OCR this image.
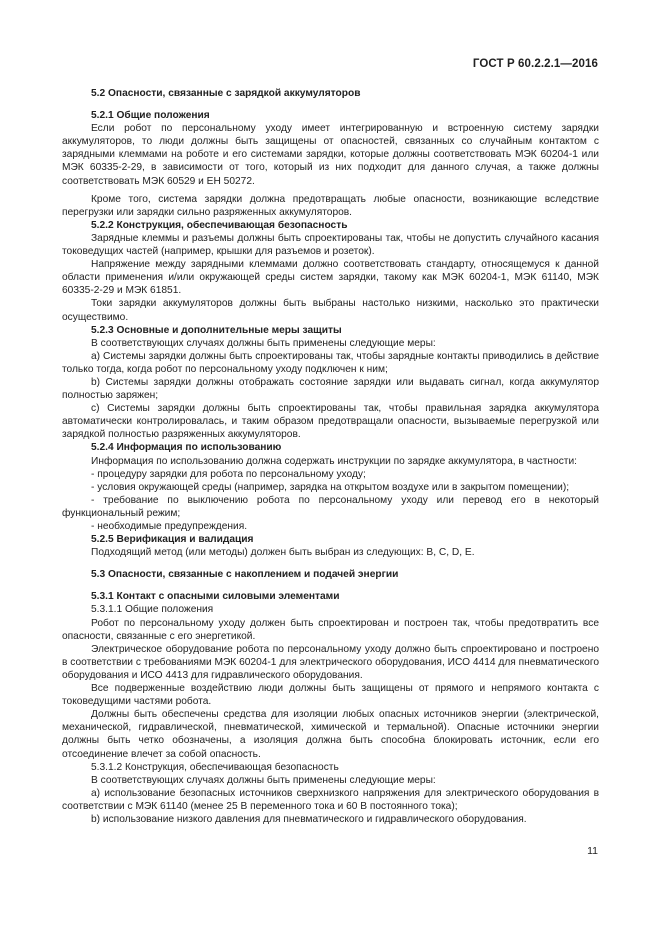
ГОСТ Р 60.2.2.1—2016

5.2 Опасности, связанные с зарядкой аккумуляторов

5.2.1 Общие положения

Если робот по персональному уходу имеет интегрированную и встроенную систему зарядки аккумуляторов, то люди должны быть защищены от опасностей, связанных со случайным контактом с зарядными клеммами на роботе и его системами зарядки, которые должны соответствовать МЭК 60204-1 или МЭК 60335-2-29, в зависимости от того, который из них подходит для данного случая, а также должны соответствовать МЭК 60529 и ЕН 50272.

Кроме того, система зарядки должна предотвращать любые опасности, возникающие вследствие перегрузки или зарядки сильно разряженных аккумуляторов.

5.2.2 Конструкция, обеспечивающая безопасность

Зарядные клеммы и разъемы должны быть спроектированы так, чтобы не допустить случайного касания токоведущих частей (например, крышки для разъемов и розеток).

Напряжение между зарядными клеммами должно соответствовать стандарту, относящемуся к данной области применения и/или окружающей среды систем зарядки, такому как МЭК 60204-1, МЭК 61140, МЭК 60335-2-29 и МЭК 61851.

Токи зарядки аккумуляторов должны быть выбраны настолько низкими, насколько это практически осуществимо.

5.2.3 Основные и дополнительные меры защиты

В соответствующих случаях должны быть применены следующие меры:

а) Системы зарядки должны быть спроектированы так, чтобы зарядные контакты приводились в действие только тогда, когда робот по персональному уходу подключен к ним;

b) Системы зарядки должны отображать состояние зарядки или выдавать сигнал, когда аккумулятор полностью заряжен;

с) Системы зарядки должны быть спроектированы так, чтобы правильная зарядка аккумулятора автоматически контролировалась, и таким образом предотвращали опасности, вызываемые перегрузкой или зарядкой полностью разряженных аккумуляторов.

5.2.4 Информация по использованию

Информация по использованию должна содержать инструкции по зарядке аккумулятора, в частности:

- процедуру зарядки для робота по персональному уходу;

- условия окружающей среды (например, зарядка на открытом воздухе или в закрытом помещении);

- требование по выключению робота по персональному уходу или перевод его в некоторый функциональный режим;

- необходимые предупреждения.

5.2.5 Верификация и валидация

Подходящий метод (или методы) должен быть выбран из следующих: В, С, D, Е.

5.3 Опасности, связанные с накоплением и подачей энергии

5.3.1 Контакт с опасными силовыми элементами

5.3.1.1 Общие положения

Робот по персональному уходу должен быть спроектирован и построен так, чтобы предотвратить все опасности, связанные с его энергетикой.

Электрическое оборудование робота по персональному уходу должно быть спроектировано и построено в соответствии с требованиями МЭК 60204-1 для электрического оборудования, ИСО 4414 для пневматического оборудования и ИСО 4413 для гидравлического оборудования.

Все подверженные воздействию люди должны быть защищены от прямого и непрямого контакта с токоведущими частями робота.

Должны быть обеспечены средства для изоляции любых опасных источников энергии (электрической, механической, гидравлической, пневматической, химической и термальной). Опасные источники энергии должны быть четко обозначены, а изоляция должна быть способна блокировать источник, если его отсоединение влечет за собой опасность.

5.3.1.2 Конструкция, обеспечивающая безопасность

В соответствующих случаях должны быть применены следующие меры:

а) использование безопасных источников сверхнизкого напряжения для электрического оборудования в соответствии с МЭК 61140 (менее 25 В переменного тока и 60 В постоянного тока);

b) использование низкого давления для пневматического и гидравлического оборудования.

11
